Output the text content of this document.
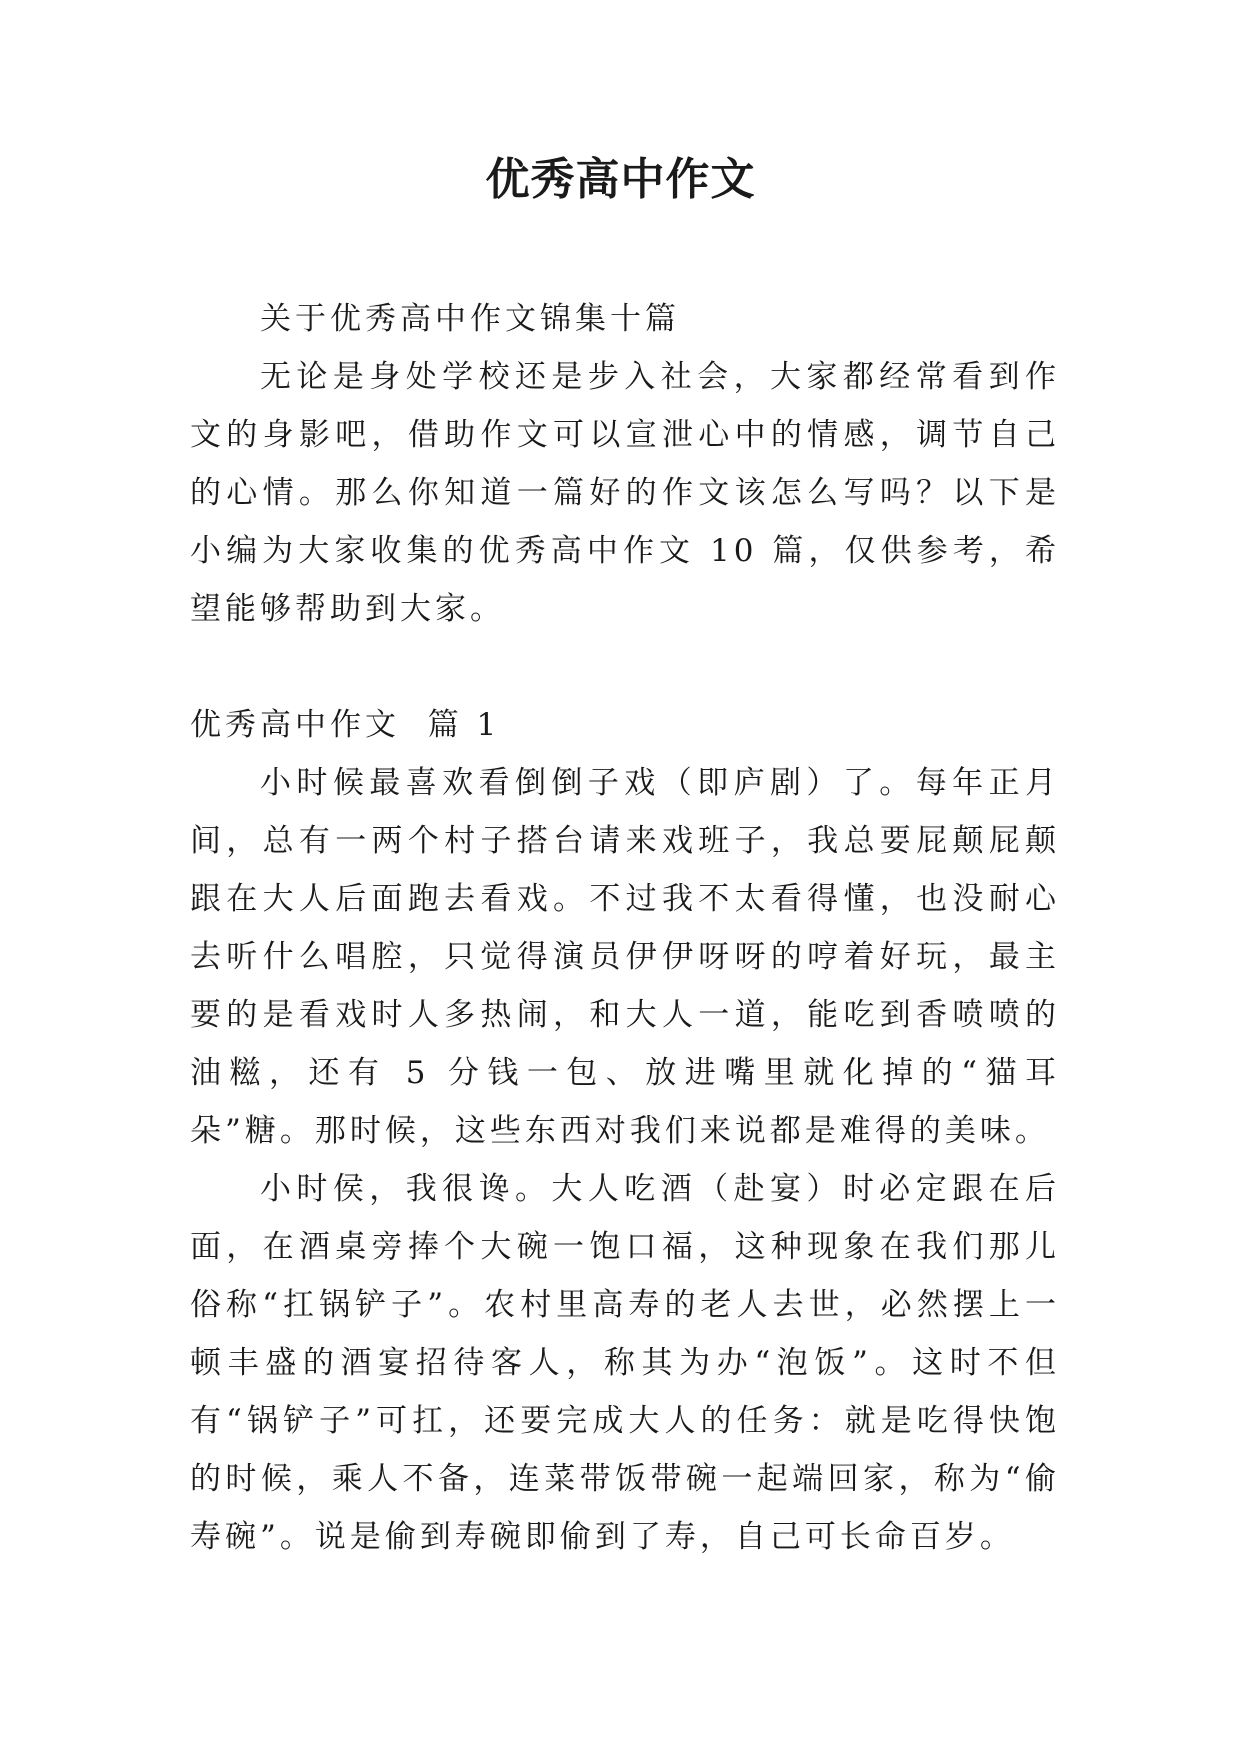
优秀高中作文

关于优秀高中作文锦集十篇

无论是身处学校还是步入社会，大家都经常看到作文的身影吧，借助作文可以宣泄心中的情感，调节自己的心情。那么你知道一篇好的作文该怎么写吗？以下是小编为大家收集的优秀高中作文 10 篇，仅供参考，希望能够帮助到大家。

优秀高中作文  篇 1

小时候最喜欢看倒倒子戏（即庐剧）了。每年正月间，总有一两个村子搭台请来戏班子，我总要屁颠屁颠跟在大人后面跑去看戏。不过我不太看得懂，也没耐心去听什么唱腔，只觉得演员伊伊呀呀的哼着好玩，最主要的是看戏时人多热闹，和大人一道，能吃到香喷喷的油糍，还有 5 分钱一包、放进嘴里就化掉的“猫耳朵”糖。那时候，这些东西对我们来说都是难得的美味。

小时侯，我很谗。大人吃酒（赴宴）时必定跟在后面，在酒桌旁捧个大碗一饱口福，这种现象在我们那儿俗称“扛锅铲子”。农村里高寿的老人去世，必然摆上一顿丰盛的酒宴招待客人，称其为办“泡饭”。这时不但有“锅铲子”可扛，还要完成大人的任务：就是吃得快饱的时候，乘人不备，连菜带饭带碗一起端回家，称为“偷寿碗”。说是偷到寿碗即偷到了寿，自己可长命百岁。
